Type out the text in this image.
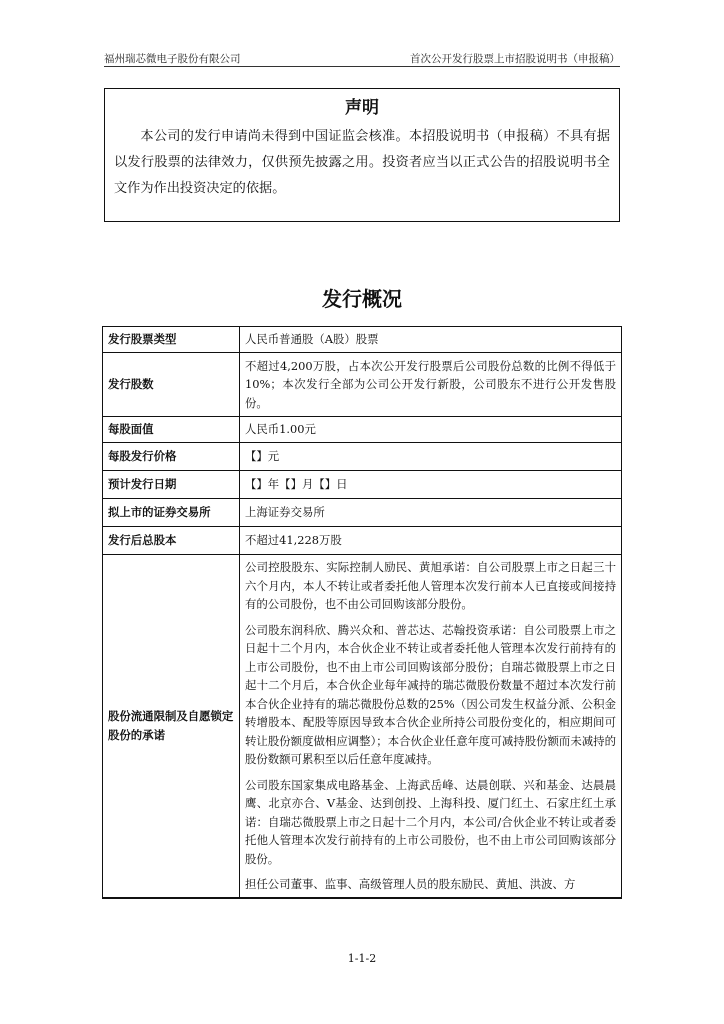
福州瑞芯微电子股份有限公司	首次公开发行股票上市招股说明书（申报稿）
声明

本公司的发行申请尚未得到中国证监会核准。本招股说明书（申报稿）不具有据以发行股票的法律效力，仅供预先披露之用。投资者应当以正式公告的招股说明书全文作为作出投资决定的依据。

发行概况
发行股票类型	人民币普通股（A股）股票
发行股数	不超过4,200万股，占本次公开发行股票后公司股份总数的比例不得低于10%；本次发行全部为公司公开发行新股，公司股东不进行公开发售股份。
每股面值	人民币1.00元
每股发行价格	【】元
预计发行日期	【】年【】月【】日
拟上市的证券交易所	上海证券交易所
发行后总股本	不超过41,228万股
股份流通限制及自愿锁定股份的承诺	公司控股股东、实际控制人励民、黄旭承诺：自公司股票上市之日起三十六个月内，本人不转让或者委托他人管理本次发行前本人已直接或间接持有的公司股份，也不由公司回购该部分股份。

公司股东润科欣、腾兴众和、普芯达、芯翰投资承诺：自公司股票上市之日起十二个月内，本合伙企业不转让或者委托他人管理本次发行前持有的上市公司股份，也不由上市公司回购该部分股份；自瑞芯微股票上市之日起十二个月后，本合伙企业每年减持的瑞芯微股份数量不超过本次发行前本合伙企业持有的瑞芯微股份总数的25%（因公司发生权益分派、公积金转增股本、配股等原因导致本合伙企业所持公司股份变化的，相应期间可转让股份额度做相应调整）；本合伙企业任意年度可减持股份额而未减持的股份数额可累积至以后任意年度减持。

公司股东国家集成电路基金、上海武岳峰、达晨创联、兴和基金、达晨晨鹰、北京亦合、V基金、达到创投、上海科投、厦门红土、石家庄红土承诺：自瑞芯微股票上市之日起十二个月内，本公司/合伙企业不转让或者委托他人管理本次发行前持有的上市公司股份，也不由上市公司回购该部分股份。

担任公司董事、监事、高级管理人员的股东励民、黄旭、洪波、方

1-1-2
